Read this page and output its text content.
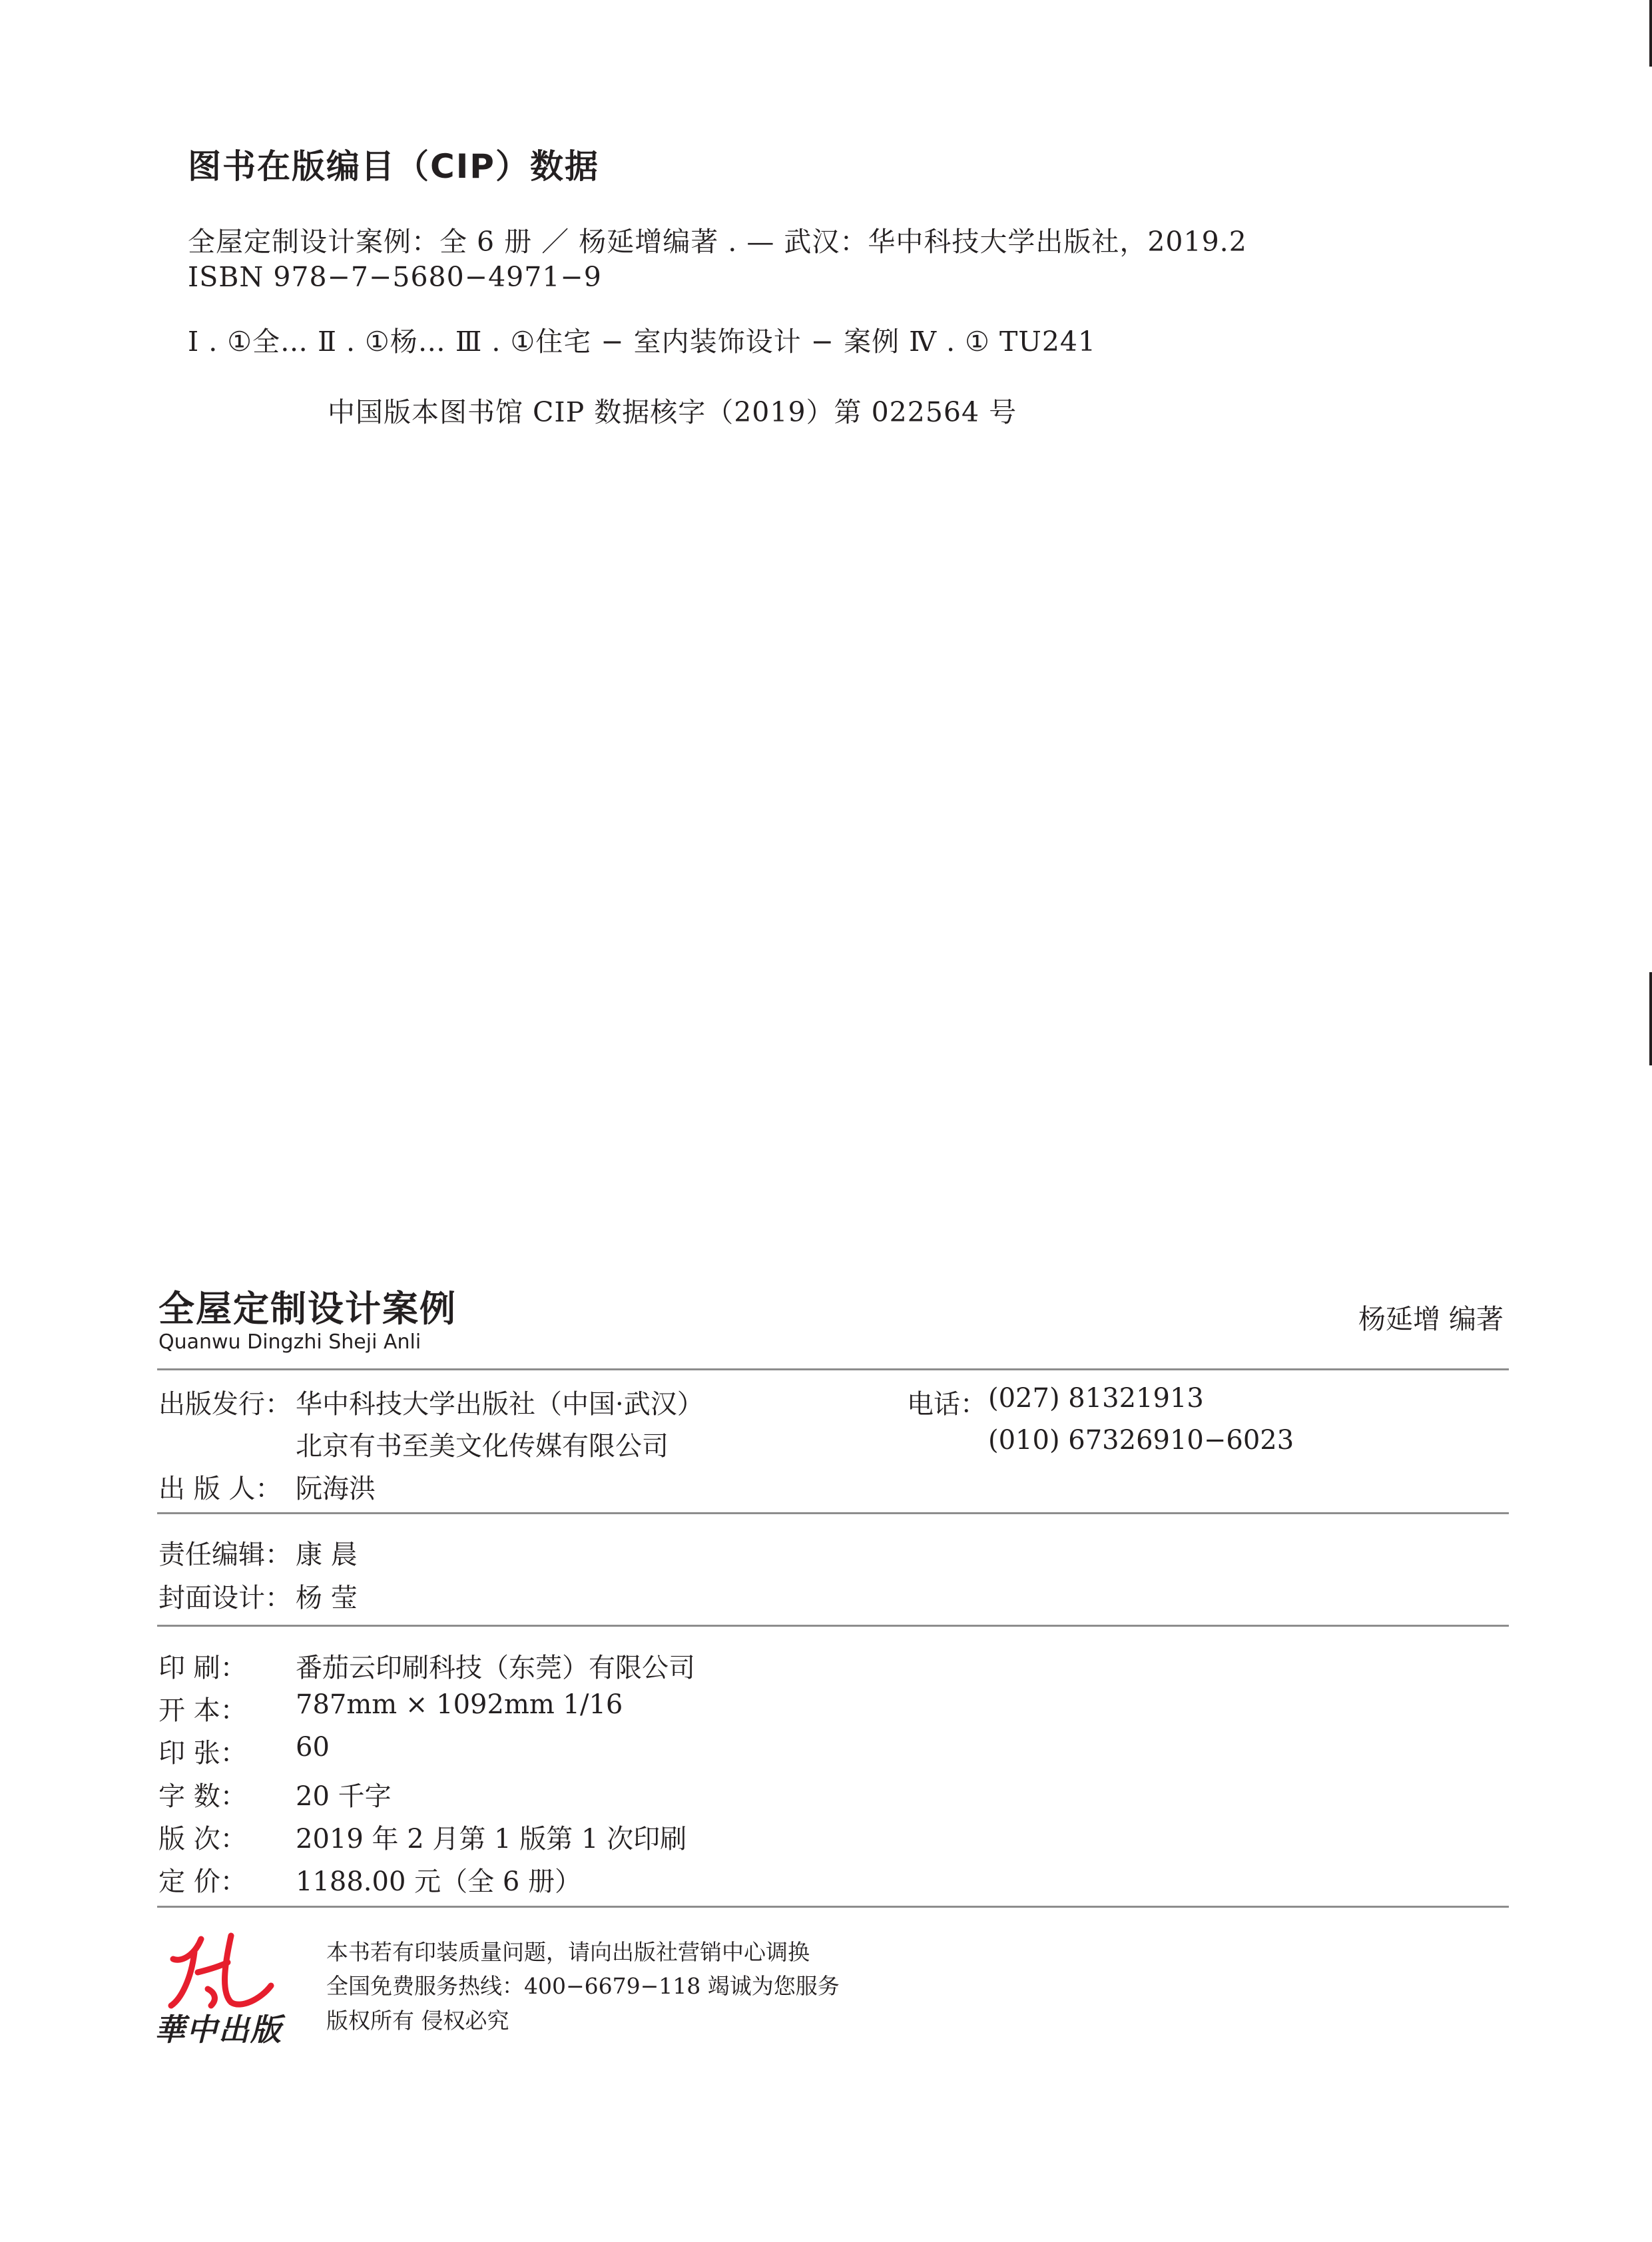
图书在版编目（CIP）数据
全屋定制设计案例：全 6 册 ／ 杨延增编著 . — 武汉：华中科技大学出版社，2019.2
ISBN 978−7−5680−4971−9
Ⅰ . ①全… Ⅱ . ①杨… Ⅲ . ①住宅 − 室内装饰设计 − 案例 Ⅳ . ① TU241
中国版本图书馆 CIP 数据核字（2019）第 022564 号
全屋定制设计案例
Quanwu Dingzhi Sheji Anli
杨延增 编著
出版发行： 华中科技大学出版社（中国·武汉）
北京有书至美文化传媒有限公司
电话： (027) 81321913
(010) 67326910−6023
出 版 人： 阮海洪
责任编辑： 康 晨
封面设计： 杨 莹
印 刷： 番茄云印刷科技（东莞）有限公司
开 本： 787mm × 1092mm 1/16
印 张： 60
字 数： 20 千字
版 次： 2019 年 2 月第 1 版第 1 次印刷
定 价： 1188.00 元（全 6 册）
華中出版
本书若有印装质量问题，请向出版社营销中心调换
全国免费服务热线：400−6679−118 竭诚为您服务
版权所有 侵权必究
